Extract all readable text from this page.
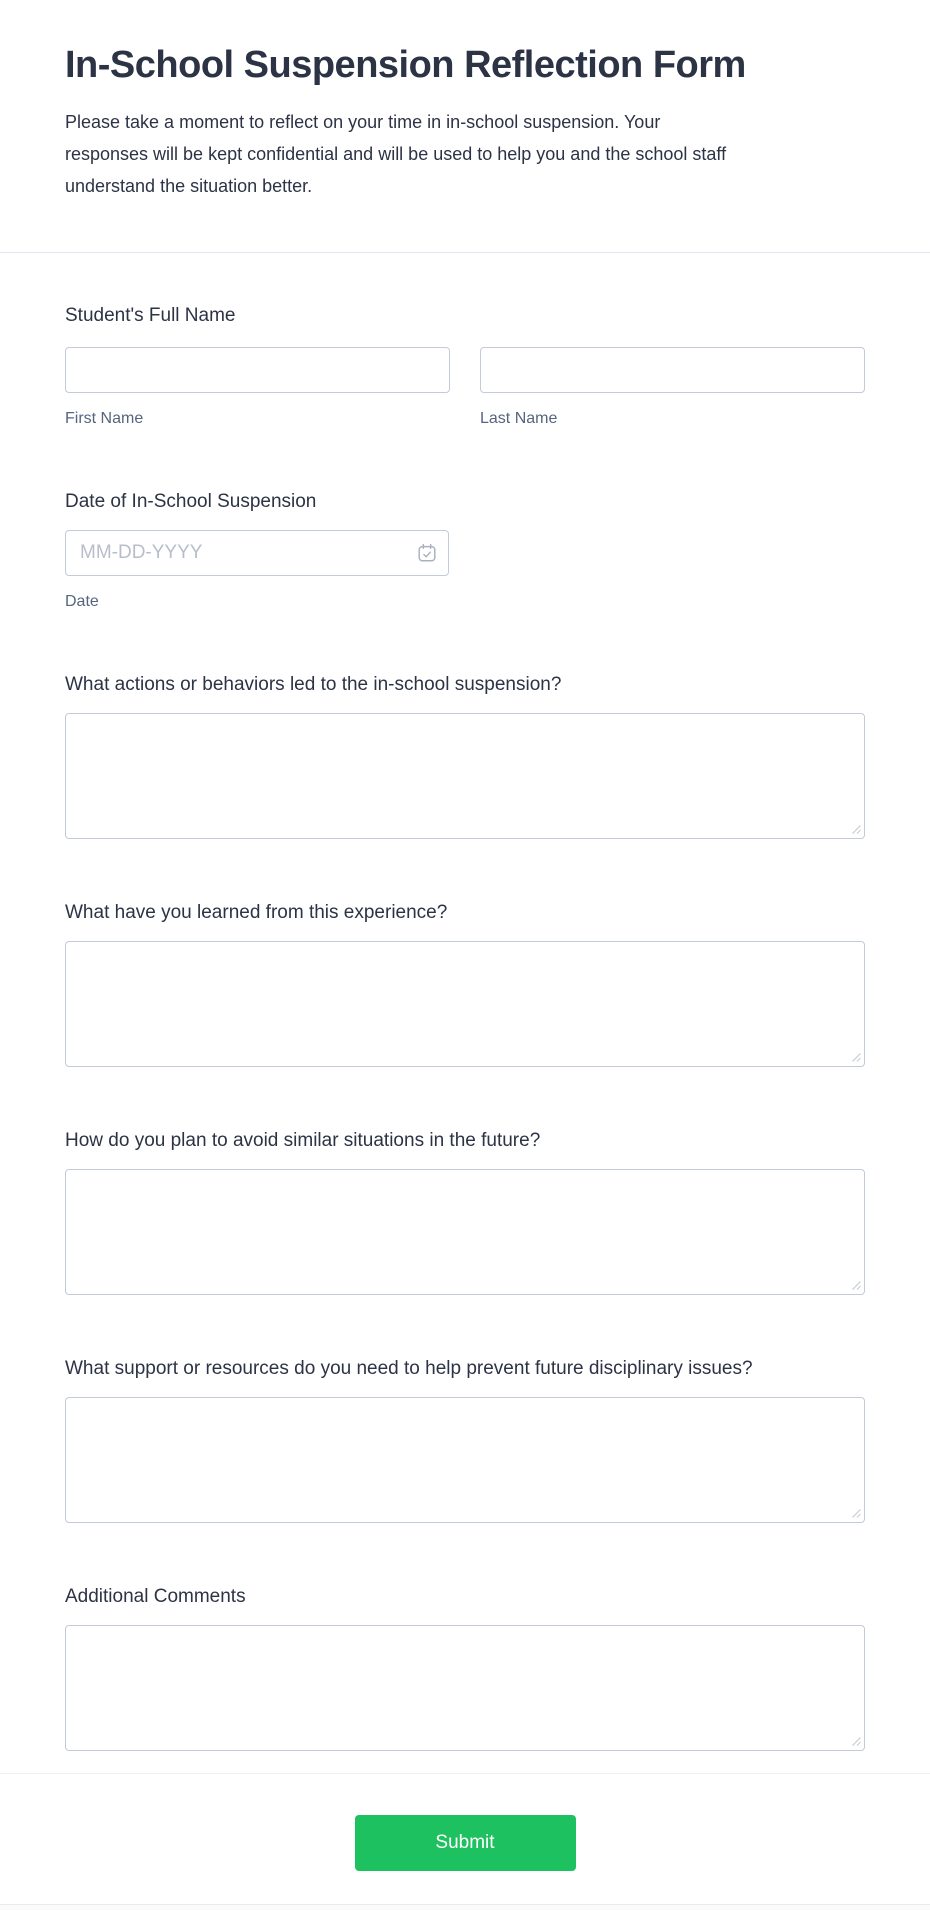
In-School Suspension Reflection Form
Please take a moment to reflect on your time in in-school suspension. Your
responses will be kept confidential and will be used to help you and the school staff
understand the situation better.
Student's Full Name
First Name	Last Name
Date of In-School Suspension
MM-DD-YYYY
Date
What actions or behaviors led to the in-school suspension?
What have you learned from this experience?
How do you plan to avoid similar situations in the future?
What support or resources do you need to help prevent future disciplinary issues?
Additional Comments
Submit
